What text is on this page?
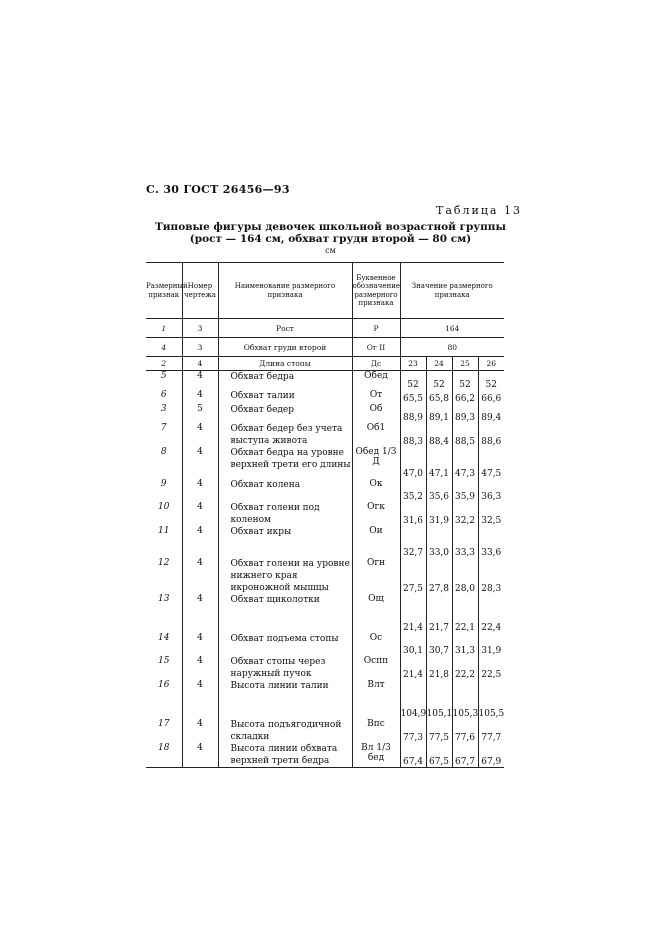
С. 30 ГОСТ 26456—93
Таблица 13
Типовые фигуры девочек школьной возрастной группы
(рост — 164 см, обхват груди второй — 80 см)
см
Размерный признак	Номер чертежа	Наименование размерного признака	Буквенное обозначение размерного признака	Значение размерного признака			
1	3	Рост	Р	164			
4	3	Обхват груди второй	Ог II	80			
2	4	Длина стопы	Дс	23	24	25	26
5	4	Обхват бедра	Обед	52	52	52	52
6	4	Обхват талии	От	65,5	65,8	66,2	66,6
3	5	Обхват бедер	Об	88,9	89,1	89,3	89,4
7	4	Обхват бедер без учета выступа живота	Об1	88,3	88,4	88,5	88,6
8	4	Обхват бедра на уровне верхней трети его длины	Обед 1/3 Д	47,0	47,1	47,3	47,5
9	4	Обхват колена	Ок	35,2	35,6	35,9	36,3
10	4	Обхват голени под коленом	Огк	31,6	31,9	32,2	32,5
11	4	Обхват икры	Ои	32,7	33,0	33,3	33,6
12	4	Обхват голени на уровне нижнего края икроножной мышцы	Огн	27,5	27,8	28,0	28,3
13	4	Обхват щиколотки	Ощ	21,4	21,7	22,1	22,4
14	4	Обхват подъема стопы	Ос	30,1	30,7	31,3	31,9
15	4	Обхват стопы через наружный пучок	Оспп	21,4	21,8	22,2	22,5
16	4	Высота линии талии	Влт	104,9	105,1	105,3	105,5
17	4	Высота подъягодичной складки	Впс	77,3	77,5	77,6	77,7
18	4	Высота линии обхвата верхней трети бедра	Вл 1/3 бед	67,4	67,5	67,7	67,9
